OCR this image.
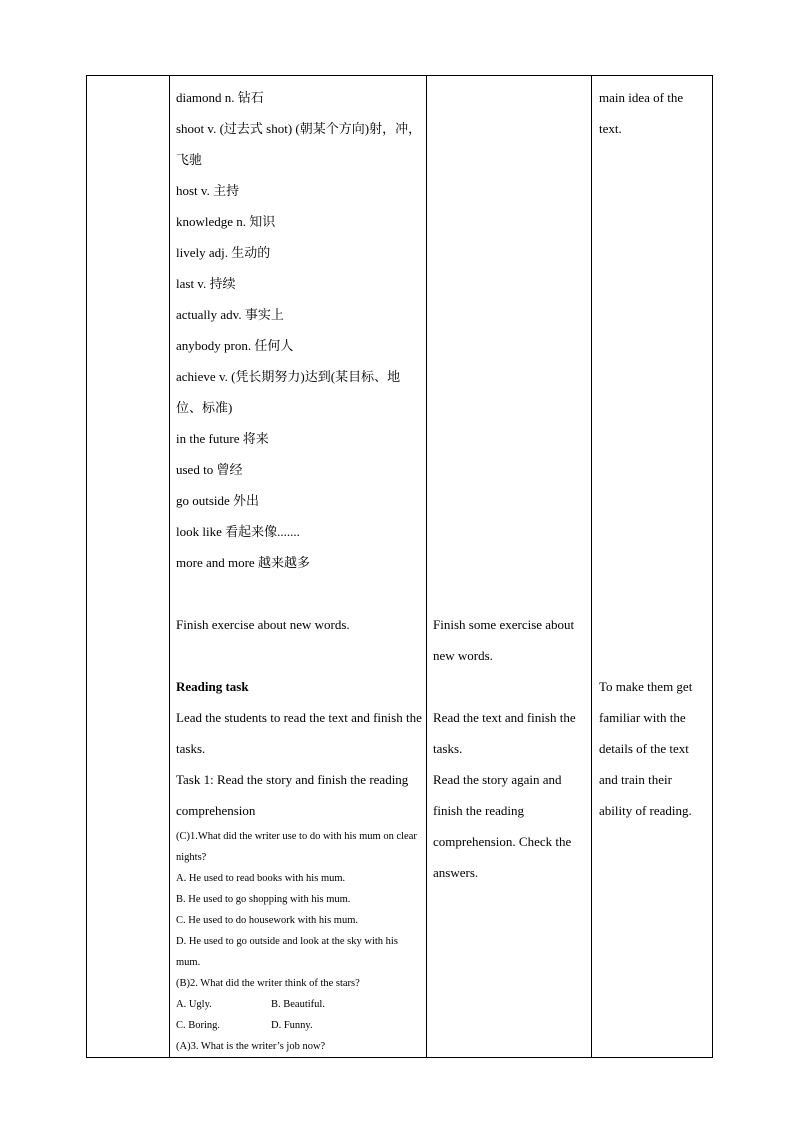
diamond n. 钻石
shoot v. (过去式 shot) (朝某个方向)射，冲，飞驰
host v. 主持
knowledge n. 知识
lively adj. 生动的
last v. 持续
actually adv. 事实上
anybody pron. 任何人
achieve v. (凭长期努力)达到(某目标、地位、标准)
in the future 将来
used to 曾经
go outside 外出
look like 看起来像.......
more and more 越来越多
Finish exercise about new words.
Reading task
Lead the students to read the text and finish the tasks.
Task 1: Read the story and finish the reading comprehension
(C)1.What did the writer use to do with his mum on clear nights?
A. He used to read books with his mum.
B. He used to go shopping with his mum.
C. He used to do housework with his mum.
D. He used to go outside and look at the sky with his mum.
(B)2. What did the writer think of the stars?
A. Ugly.	B. Beautiful.
C. Boring.	D. Funny.
(A)3. What is the writer’s job now?

Finish some exercise about new words.
Read the text and finish the tasks.
Read the story again and finish the reading comprehension. Check the answers.

main idea of the text.
To make them get familiar with the details of the text and train their ability of reading.
